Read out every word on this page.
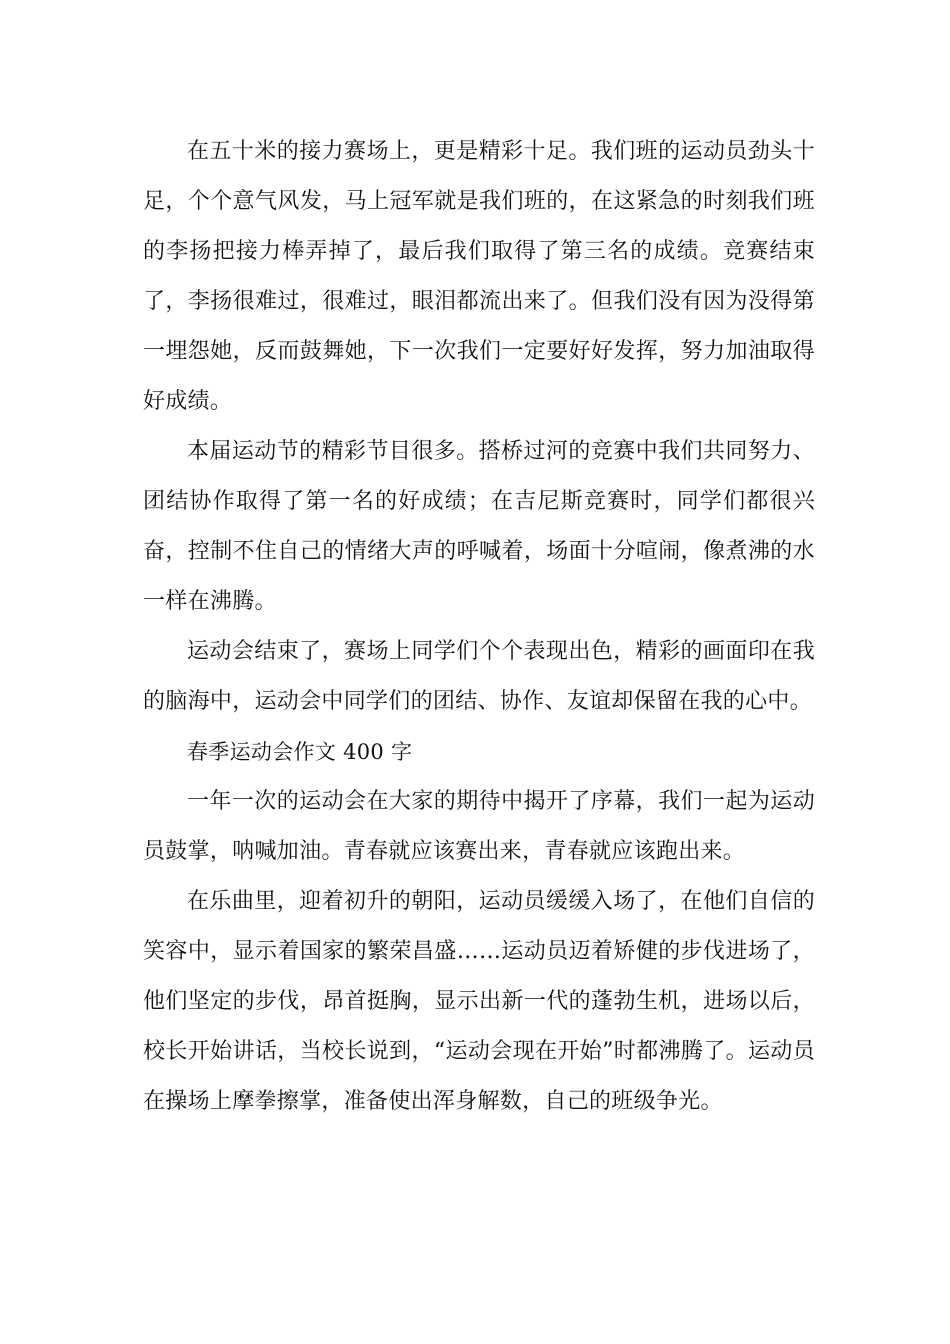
在五十米的接力赛场上，更是精彩十足。我们班的运动员劲头十足，个个意气风发，马上冠军就是我们班的，在这紧急的时刻我们班的李扬把接力棒弄掉了，最后我们取得了第三名的成绩。竞赛结束了，李扬很难过，很难过，眼泪都流出来了。但我们没有因为没得第一埋怨她，反而鼓舞她，下一次我们一定要好好发挥，努力加油取得好成绩。

本届运动节的精彩节目很多。搭桥过河的竞赛中我们共同努力、团结协作取得了第一名的好成绩；在吉尼斯竞赛时，同学们都很兴奋，控制不住自己的情绪大声的呼喊着，场面十分喧闹，像煮沸的水一样在沸腾。

运动会结束了，赛场上同学们个个表现出色，精彩的画面印在我的脑海中，运动会中同学们的团结、协作、友谊却保留在我的心中。

春季运动会作文 400 字

一年一次的运动会在大家的期待中揭开了序幕，我们一起为运动员鼓掌，呐喊加油。青春就应该赛出来，青春就应该跑出来。

在乐曲里，迎着初升的朝阳，运动员缓缓入场了，在他们自信的笑容中，显示着国家的繁荣昌盛……运动员迈着矫健的步伐进场了，他们坚定的步伐，昂首挺胸，显示出新一代的蓬勃生机，进场以后，校长开始讲话，当校长说到，“运动会现在开始”时都沸腾了。运动员在操场上摩拳擦掌，准备使出浑身解数，自己的班级争光。
